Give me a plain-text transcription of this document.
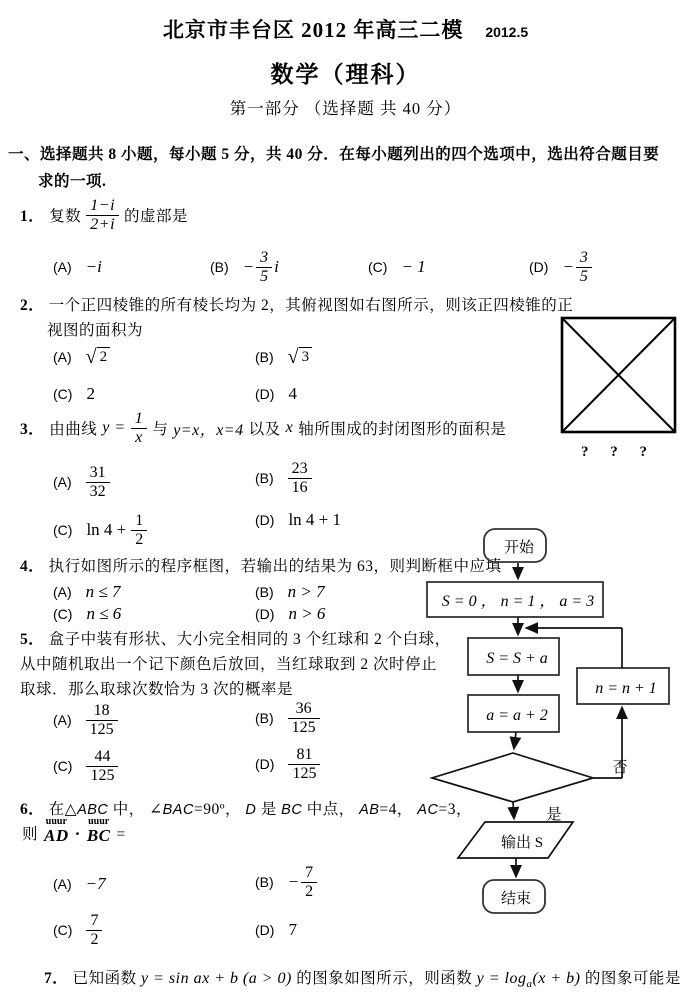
北京市丰台区 2012 年高三二模 2012.5
数学（理科）
第一部分 （选择题 共 40 分）
一、选择题共 8 小题，每小题 5 分，共 40 分．在每小题列出的四个选项中，选出符合题目要
求的一项.
1． 复数 $\frac{1-i}{2+i}$ 的虚部是
(A) −i	$(B) - \frac{3}{5}$ i	(C) − 1	$(D) - \frac{3}{5}$
2． 一个正四棱锥的所有棱长均为 2，其俯视图如右图所示，则该正四棱锥的正
视图的面积为
(A) √ 2	(B) √ 3
(C) 2	(D) 4
? ? ?
3． 由曲线 $y = \frac{1}{x}$ 与 y=x，x=4 以及 x 轴所围成的封闭图形的面积是
$(A) \frac{31}{32}$	$(B) \frac{23}{16}$
(C) $\ln 4 + \frac{1}{2}$	(D) ln 4 + 1
4． 执行如图所示的程序框图，若输出的结果为 63，则判断框中应填
(A) n ≤ 7	(B) n > 7
(C) n ≤ 6	(D) n > 6
5． 盒子中装有形状、大小完全相同的 3 个红球和 2 个白球，
从中随机取出一个记下颜色后放回，当红球取到 2 次时停止
取球．那么取球次数恰为 3 次的概率是
$(A) \frac{18}{125}$	$(B) \frac{36}{125}$
$(C) \frac{44}{125}$	$(D) \frac{81}{125}$
6． 在△ABC 中， ∠BAC=90º， D 是 BC 中点， AB=4， AC=3，
则
uuur
AD ·
uuur
BC =
(A) −7	$(B) - \frac{7}{2}$
$(C) \frac{7}{2}$	(D) 7
7． 已知函数 y = sin ax + b (a > 0) 的图象如图所示，则函数 $y = \log_a(x + b)$ 的图象可能是
开始
S = 0 ， n = 1 ， a = 3
S = S + a
a = a + 2
否
n = n + 1
是
输出 S
结束
